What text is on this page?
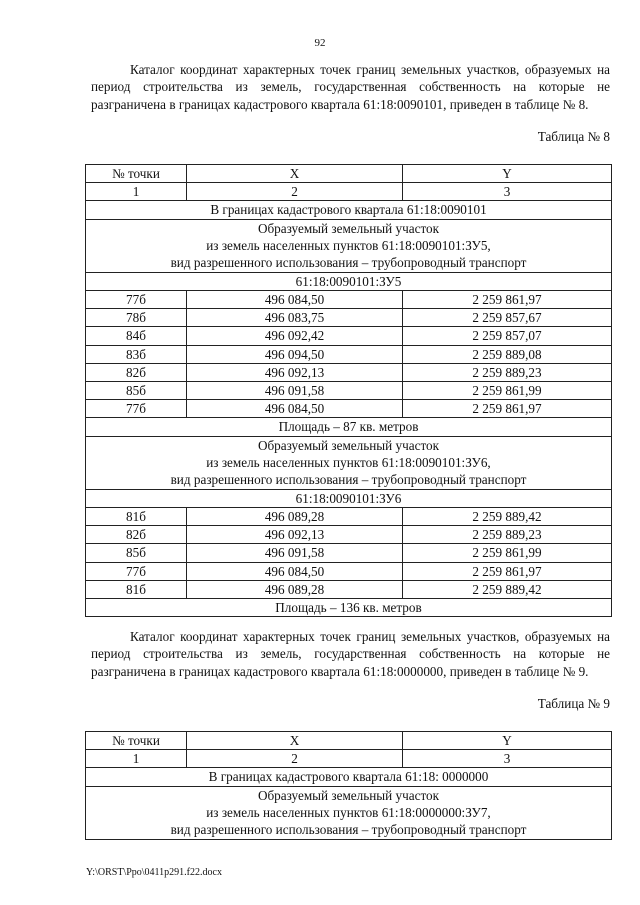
92

Каталог координат характерных точек границ земельных участков, образуемых на период строительства из земель, государственная собственность на которые не разграничена в границах кадастрового квартала 61:18:0090101, приведен в таблице № 8.

Таблица № 8
№ точки	X	Y
1	2	3
В границах кадастрового квартала 61:18:0090101		

Образуемый земельный участок
из земель населенных пунктов 61:18:0090101:ЗУ5,
вид разрешенного использования – трубопроводный транспорт		

61:18:0090101:ЗУ5		
77б	496 084,50	2 259 861,97
78б	496 083,75	2 259 857,67
84б	496 092,42	2 259 857,07
83б	496 094,50	2 259 889,08
82б	496 092,13	2 259 889,23
85б	496 091,58	2 259 861,99
77б	496 084,50	2 259 861,97
Площадь – 87 кв. метров		

Образуемый земельный участок
из земель населенных пунктов 61:18:0090101:ЗУ6,
вид разрешенного использования – трубопроводный транспорт		

61:18:0090101:ЗУ6		
81б	496 089,28	2 259 889,42
82б	496 092,13	2 259 889,23
85б	496 091,58	2 259 861,99
77б	496 084,50	2 259 861,97
81б	496 089,28	2 259 889,42
Площадь – 136 кв. метров		

Каталог координат характерных точек границ земельных участков, образуемых на период строительства из земель, государственная собственность на которые не разграничена в границах кадастрового квартала 61:18:0000000, приведен в таблице № 9.

Таблица № 9
№ точки	X	Y
1	2	3
В границах кадастрового квартала 61:18: 0000000		

Образуемый земельный участок
из земель населенных пунктов 61:18:0000000:ЗУ7,
вид разрешенного использования – трубопроводный транспорт		
Y:\ORST\Ppo\0411p291.f22.docx
